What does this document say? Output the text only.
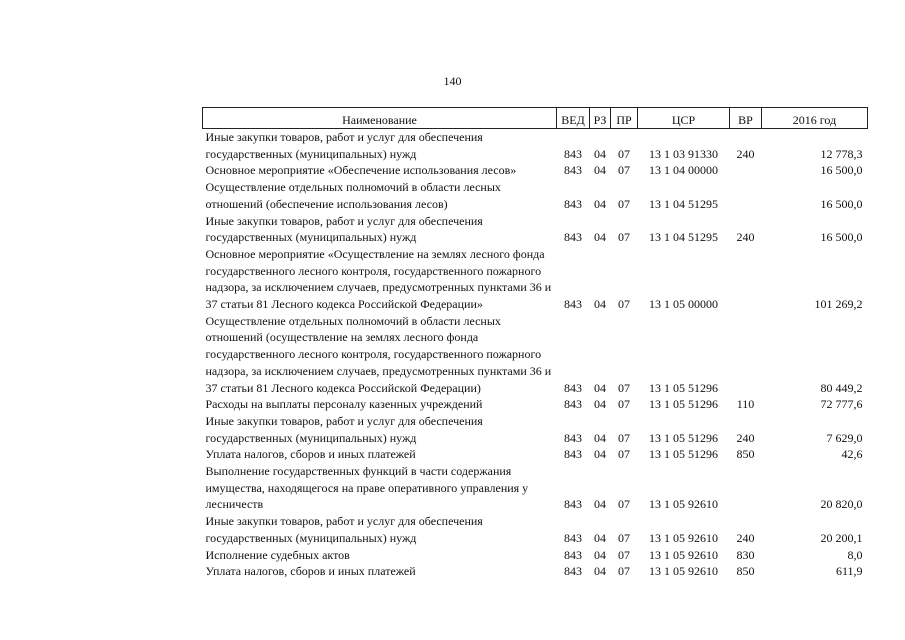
140
Наименование	ВЕД	РЗ	ПР	ЦСР	ВР	2016 год
Иные закупки товаров, работ и услуг для обеспечения государственных (муниципальных) нужд	843	04	07	13 1 03 91330	240	12 778,3
Основное мероприятие «Обеспечение использования лесов»	843	04	07	13 1 04 00000		16 500,0
Осуществление отдельных полномочий в области лесных отношений (обеспечение использования лесов)	843	04	07	13 1 04 51295		16 500,0
Иные закупки товаров, работ и услуг для обеспечения государственных (муниципальных) нужд	843	04	07	13 1 04 51295	240	16 500,0
Основное мероприятие «Осуществление на землях лесного фонда государственного лесного контроля, государственного пожарного надзора, за исключением случаев, предусмотренных пунктами 36 и 37 статьи 81 Лесного кодекса Российской Федерации»	843	04	07	13 1 05 00000		101 269,2
Осуществление отдельных полномочий в области лесных отношений (осуществление на землях лесного фонда государственного лесного контроля, государственного пожарного надзора, за исключением случаев, предусмотренных пунктами 36 и 37 статьи 81 Лесного кодекса Российской Федерации)	843	04	07	13 1 05 51296		80 449,2
Расходы на выплаты персоналу казенных учреждений	843	04	07	13 1 05 51296	110	72 777,6
Иные закупки товаров, работ и услуг для обеспечения государственных (муниципальных) нужд	843	04	07	13 1 05 51296	240	7 629,0
Уплата налогов, сборов и иных платежей	843	04	07	13 1 05 51296	850	42,6
Выполнение государственных функций в части содержания имущества, находящегося на праве оперативного управления у лесничеств	843	04	07	13 1 05 92610		20 820,0
Иные закупки товаров, работ и услуг для обеспечения государственных (муниципальных) нужд	843	04	07	13 1 05 92610	240	20 200,1
Исполнение судебных актов	843	04	07	13 1 05 92610	830	8,0
Уплата налогов, сборов и иных платежей	843	04	07	13 1 05 92610	850	611,9
